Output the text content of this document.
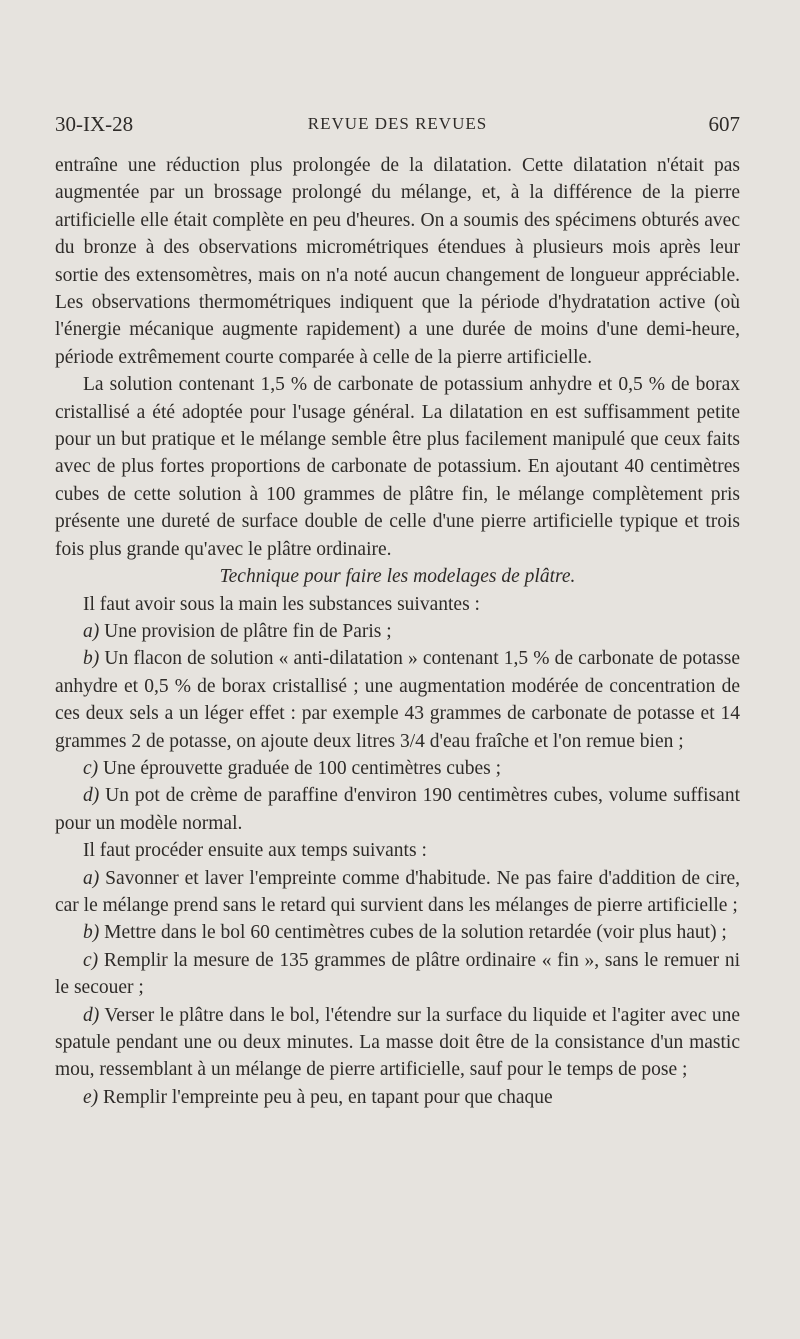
30-IX-28	REVUE DES REVUES	607

entraîne une réduction plus prolongée de la dilatation. Cette dilatation n'était pas augmentée par un brossage prolongé du mélange, et, à la différence de la pierre artificielle elle était complète en peu d'heures. On a soumis des spécimens obturés avec du bronze à des observations micrométriques étendues à plusieurs mois après leur sortie des extensomètres, mais on n'a noté aucun changement de longueur appréciable. Les observations thermométriques indiquent que la période d'hydratation active (où l'énergie mécanique augmente rapidement) a une durée de moins d'une demi-heure, période extrêmement courte comparée à celle de la pierre artificielle.

La solution contenant 1,5 % de carbonate de potassium anhydre et 0,5 % de borax cristallisé a été adoptée pour l'usage général. La dilatation en est suffisamment petite pour un but pratique et le mélange semble être plus facilement manipulé que ceux faits avec de plus fortes proportions de carbonate de potassium. En ajoutant 40 centimètres cubes de cette solution à 100 grammes de plâtre fin, le mélange complètement pris présente une dureté de surface double de celle d'une pierre artificielle typique et trois fois plus grande qu'avec le plâtre ordinaire.

Technique pour faire les modelages de plâtre.

Il faut avoir sous la main les substances suivantes :

a) Une provision de plâtre fin de Paris ;

b) Un flacon de solution « anti-dilatation » contenant 1,5 % de carbonate de potasse anhydre et 0,5 % de borax cristallisé ; une augmentation modérée de concentration de ces deux sels a un léger effet : par exemple 43 grammes de carbonate de potasse et 14 grammes 2 de potasse, on ajoute deux litres 3/4 d'eau fraîche et l'on remue bien ;

c) Une éprouvette graduée de 100 centimètres cubes ;

d) Un pot de crème de paraffine d'environ 190 centimètres cubes, volume suffisant pour un modèle normal.

Il faut procéder ensuite aux temps suivants :

a) Savonner et laver l'empreinte comme d'habitude. Ne pas faire d'addition de cire, car le mélange prend sans le retard qui survient dans les mélanges de pierre artificielle ;

b) Mettre dans le bol 60 centimètres cubes de la solution retardée (voir plus haut) ;

c) Remplir la mesure de 135 grammes de plâtre ordinaire « fin », sans le remuer ni le secouer ;

d) Verser le plâtre dans le bol, l'étendre sur la surface du liquide et l'agiter avec une spatule pendant une ou deux minutes. La masse doit être de la consistance d'un mastic mou, ressemblant à un mélange de pierre artificielle, sauf pour le temps de pose ;

e) Remplir l'empreinte peu à peu, en tapant pour que chaque
